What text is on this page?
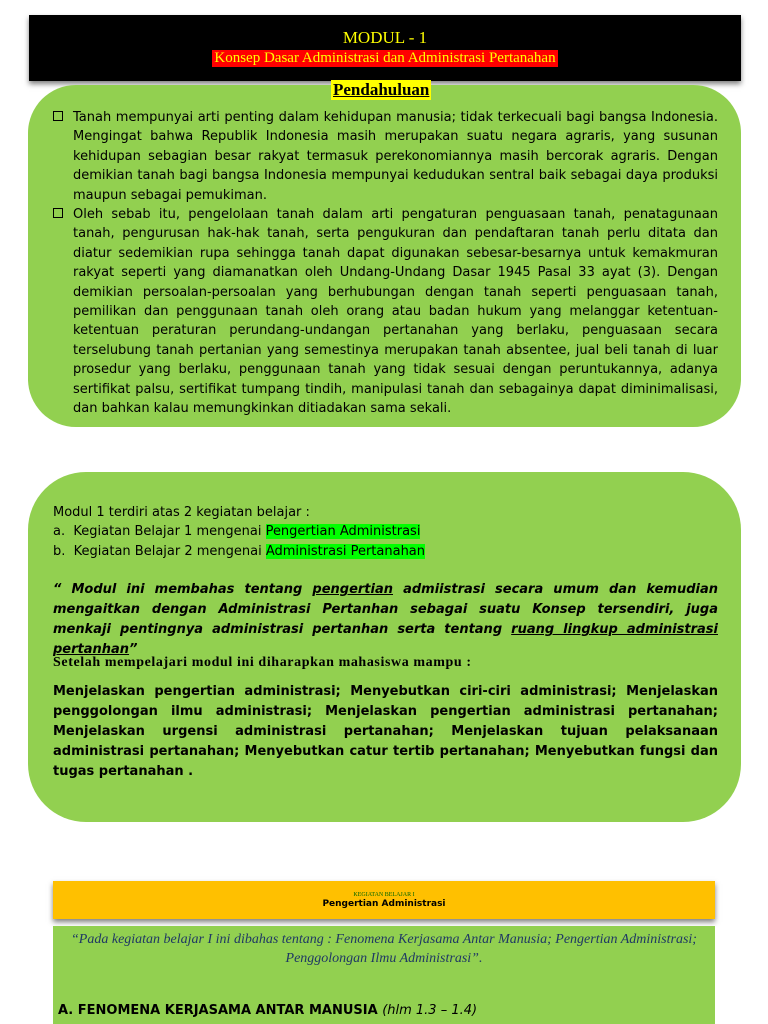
MODUL - 1
Konsep Dasar Administrasi dan Administrasi Pertanahan
Pendahuluan
Tanah mempunyai arti penting dalam kehidupan manusia; tidak terkecuali bagi bangsa Indonesia. Mengingat bahwa Republik Indonesia masih merupakan suatu negara agraris, yang susunan kehidupan sebagian besar rakyat termasuk perekonomiannya masih bercorak agraris. Dengan demikian tanah bagi bangsa Indonesia mempunyai kedudukan sentral baik sebagai daya produksi maupun sebagai pemukiman.
Oleh sebab itu, pengelolaan tanah dalam arti pengaturan penguasaan tanah, penatagunaan tanah, pengurusan hak-hak tanah, serta pengukuran dan pendaftaran tanah perlu ditata dan diatur sedemikian rupa sehingga tanah dapat digunakan sebesar-besarnya untuk kemakmuran rakyat seperti yang diamanatkan oleh Undang-Undang Dasar 1945 Pasal 33 ayat (3). Dengan demikian persoalan-persoalan yang berhubungan dengan tanah seperti penguasaan tanah, pemilikan dan penggunaan tanah oleh orang atau badan hukum yang melanggar ketentuan-ketentuan peraturan perundang-undangan pertanahan yang berlaku, penguasaan secara terselubung tanah pertanian yang semestinya merupakan tanah absentee, jual beli tanah di luar prosedur yang berlaku, penggunaan tanah yang tidak sesuai dengan peruntukannya, adanya sertifikat palsu, sertifikat tumpang tindih, manipulasi tanah dan sebagainya dapat diminimalisasi, dan bahkan kalau memungkinkan ditiadakan sama sekali.
Modul 1 terdiri atas 2 kegiatan belajar :
a.  Kegiatan Belajar 1 mengenai Pengertian Administrasi
b.  Kegiatan Belajar 2 mengenai Administrasi Pertanahan
“ Modul ini membahas tentang pengertian admiistrasi secara umum dan kemudian mengaitkan dengan Administrasi Pertanhan sebagai suatu Konsep tersendiri, juga menkaji pentingnya administrasi pertanhan serta tentang ruang lingkup administrasi pertanhan”
Setelah mempelajari modul ini diharapkan mahasiswa mampu :
Menjelaskan pengertian administrasi; Menyebutkan ciri-ciri administrasi; Menjelaskan penggolongan ilmu administrasi; Menjelaskan pengertian administrasi pertanahan; Menjelaskan urgensi administrasi pertanahan; Menjelaskan tujuan pelaksanaan administrasi pertanahan; Menyebutkan catur tertib pertanahan; Menyebutkan fungsi dan tugas pertanahan .
KEGIATAN BELAJAR I
Pengertian Administrasi
“Pada kegiatan belajar I ini dibahas tentang : Fenomena Kerjasama Antar Manusia; Pengertian Administrasi; Penggolongan Ilmu Administrasi”.
A. FENOMENA KERJASAMA ANTAR MANUSIA (hlm 1.3 – 1.4)
